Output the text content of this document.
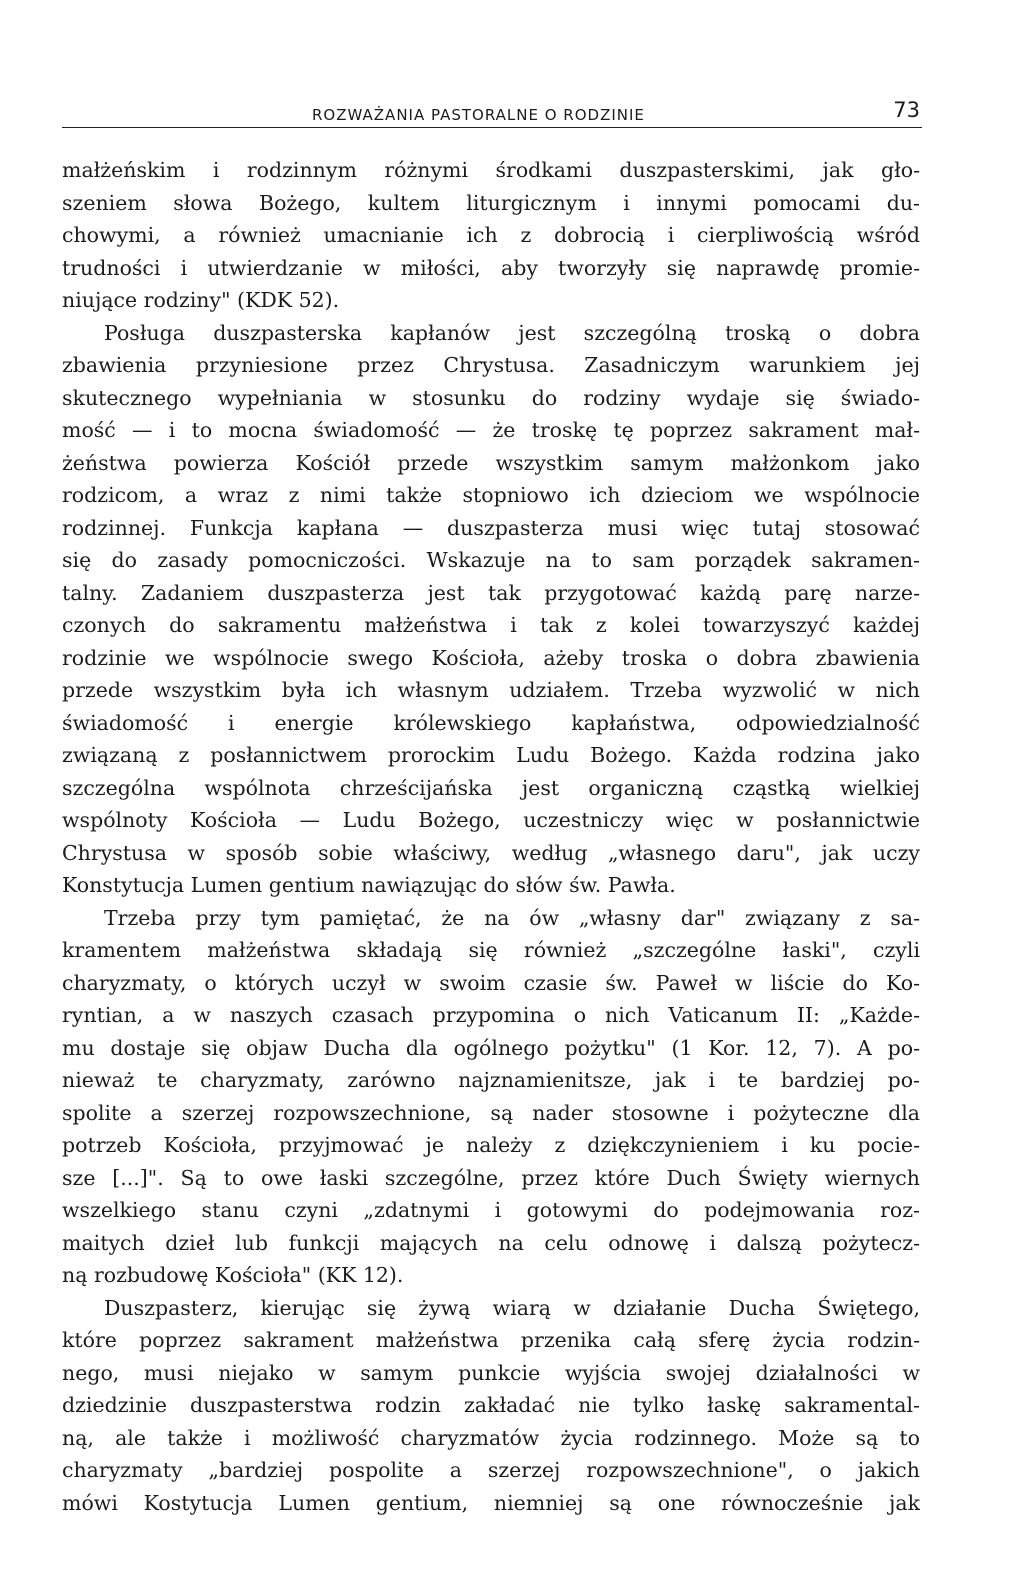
ROZWAŻANIA PASTORALNE O RODZINIE	73
małżeńskim i rodzinnym różnymi środkami duszpasterskimi, jak gło-
szeniem słowa Bożego, kultem liturgicznym i innymi pomocami du-
chowymi, a również umacnianie ich z dobrocią i cierpliwością wśród
trudności i utwierdzanie w miłości, aby tworzyły się naprawdę promie-
niujące rodziny" (KDK 52).
Posługa duszpasterska kapłanów jest szczególną troską o dobra
zbawienia przyniesione przez Chrystusa. Zasadniczym warunkiem jej
skutecznego wypełniania w stosunku do rodziny wydaje się świado-
mość — i to mocna świadomość — że troskę tę poprzez sakrament mał-
żeństwa powierza Kościół przede wszystkim samym małżonkom jako
rodzicom, a wraz z nimi także stopniowo ich dzieciom we wspólnocie
rodzinnej. Funkcja kapłana — duszpasterza musi więc tutaj stosować
się do zasady pomocniczości. Wskazuje na to sam porządek sakramen-
talny. Zadaniem duszpasterza jest tak przygotować każdą parę narze-
czonych do sakramentu małżeństwa i tak z kolei towarzyszyć każdej
rodzinie we wspólnocie swego Kościoła, ażeby troska o dobra zbawienia
przede wszystkim była ich własnym udziałem. Trzeba wyzwolić w nich
świadomość i energie królewskiego kapłaństwa, odpowiedzialność
związaną z posłannictwem prorockim Ludu Bożego. Każda rodzina jako
szczególna wspólnota chrześcijańska jest organiczną cząstką wielkiej
wspólnoty Kościoła — Ludu Bożego, uczestniczy więc w posłannictwie
Chrystusa w sposób sobie właściwy, według „własnego daru", jak uczy
Konstytucja Lumen gentium nawiązując do słów św. Pawła.
Trzeba przy tym pamiętać, że na ów „własny dar" związany z sa-
kramentem małżeństwa składają się również „szczególne łaski", czyli
charyzmaty, o których uczył w swoim czasie św. Paweł w liście do Ko-
ryntian, a w naszych czasach przypomina o nich Vaticanum II: „Każde-
mu dostaje się objaw Ducha dla ogólnego pożytku" (1 Kor. 12, 7). A po-
nieważ te charyzmaty, zarówno najznamienitsze, jak i te bardziej po-
spolite a szerzej rozpowszechnione, są nader stosowne i pożyteczne dla
potrzeb Kościoła, przyjmować je należy z dziękczynieniem i ku pocie-
sze [...]". Są to owe łaski szczególne, przez które Duch Święty wiernych
wszelkiego stanu czyni „zdatnymi i gotowymi do podejmowania roz-
maitych dzieł lub funkcji mających na celu odnowę i dalszą pożytecz-
ną rozbudowę Kościoła" (KK 12).
Duszpasterz, kierując się żywą wiarą w działanie Ducha Świętego,
które poprzez sakrament małżeństwa przenika całą sferę życia rodzin-
nego, musi niejako w samym punkcie wyjścia swojej działalności w
dziedzinie duszpasterstwa rodzin zakładać nie tylko łaskę sakramental-
ną, ale także i możliwość charyzmatów życia rodzinnego. Może są to
charyzmaty „bardziej pospolite a szerzej rozpowszechnione", o jakich
mówi Kostytucja Lumen gentium, niemniej są one równocześnie jak
